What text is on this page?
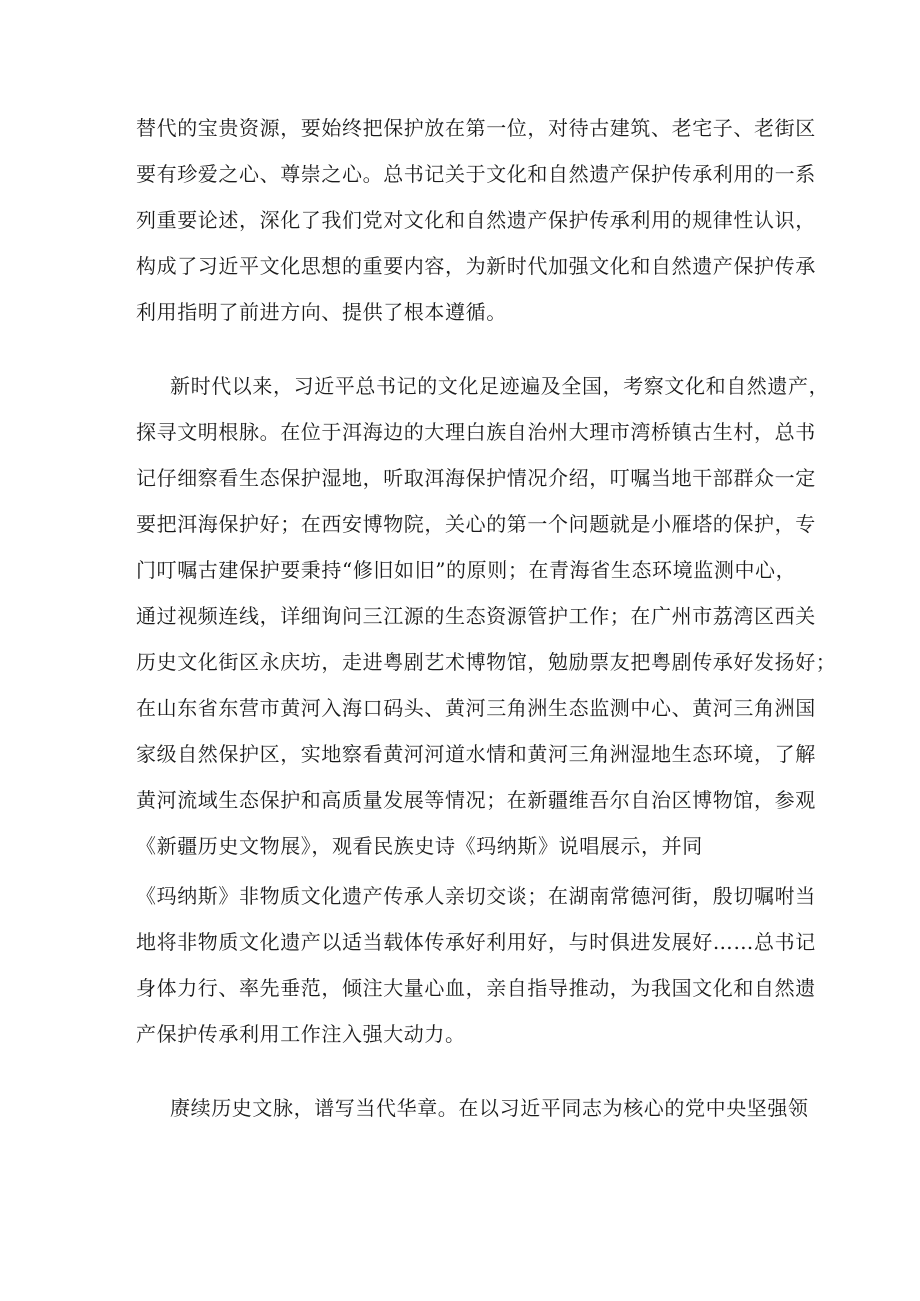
替代的宝贵资源，要始终把保护放在第一位，对待古建筑、老宅子、老街区
要有珍爱之心、尊崇之心。总书记关于文化和自然遗产保护传承利用的一系
列重要论述，深化了我们党对文化和自然遗产保护传承利用的规律性认识，
构成了习近平文化思想的重要内容，为新时代加强文化和自然遗产保护传承
利用指明了前进方向、提供了根本遵循。
新时代以来，习近平总书记的文化足迹遍及全国，考察文化和自然遗产，
探寻文明根脉。在位于洱海边的大理白族自治州大理市湾桥镇古生村，总书
记仔细察看生态保护湿地，听取洱海保护情况介绍，叮嘱当地干部群众一定
要把洱海保护好；在西安博物院，关心的第一个问题就是小雁塔的保护，专
门叮嘱古建保护要秉持“修旧如旧”的原则；在青海省生态环境监测中心，
通过视频连线，详细询问三江源的生态资源管护工作；在广州市荔湾区西关
历史文化街区永庆坊，走进粤剧艺术博物馆，勉励票友把粤剧传承好发扬好；
在山东省东营市黄河入海口码头、黄河三角洲生态监测中心、黄河三角洲国
家级自然保护区，实地察看黄河河道水情和黄河三角洲湿地生态环境，了解
黄河流域生态保护和高质量发展等情况；在新疆维吾尔自治区博物馆，参观
《新疆历史文物展》，观看民族史诗《玛纳斯》说唱展示，并同
《玛纳斯》非物质文化遗产传承人亲切交谈；在湖南常德河街，殷切嘱咐当
地将非物质文化遗产以适当载体传承好利用好，与时俱进发展好……总书记
身体力行、率先垂范，倾注大量心血，亲自指导推动，为我国文化和自然遗
产保护传承利用工作注入强大动力。
赓续历史文脉，谱写当代华章。在以习近平同志为核心的党中央坚强领
